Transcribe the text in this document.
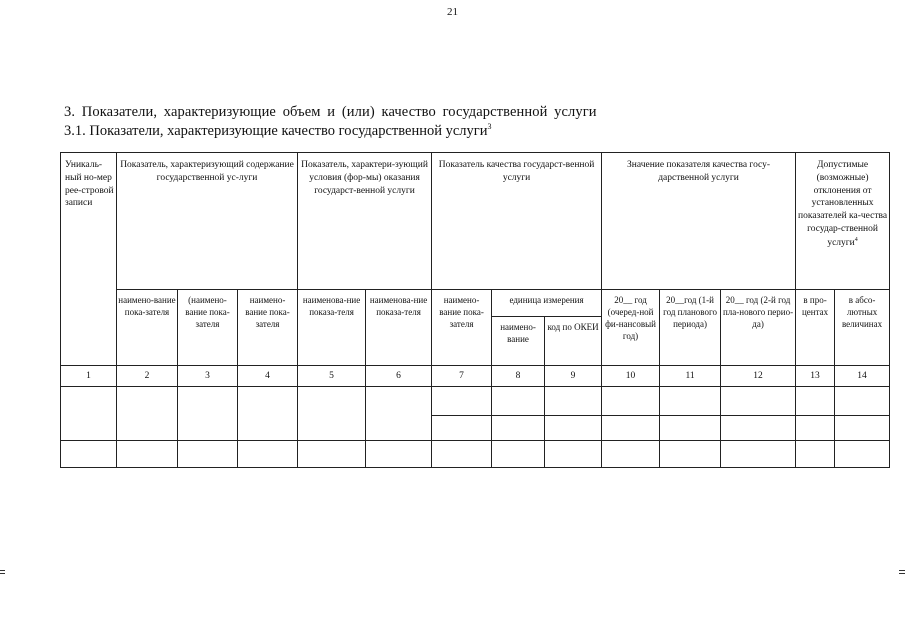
21
3. Показатели, характеризующие объем и (или) качество государственной услуги
3.1. Показатели, характеризующие качество государственной услуги$^3$
Уникаль-ный но-мер рее-стровой записи	Показатель, характеризующий содержание государственной ус-луги			Показатель, характери-зующий условия (фор-мы) оказания государст-венной услуги		Показатель качества государст-венной услуги			Значение показателя качества госу-дарственной услуги			Допустимые (возможные) отклонения от установленных показателей ка-чества государ-ственной услуги$^4$
	наимено-вание пока-зателя	(наимено-вание пока-зателя	наимено-вание пока-зателя	наименова-ние показа-теля	наименова-ние показа-теля	наимено-вание пока-зателя	единица измерения		20__ год (очеред-ной фи-нансовый год)	20__год (1-й год планового периода)	20__ год (2-й год пла-нового перио-да)	в про-центах	в абсо-лютных величинах
							наимено-вание	код по ОКЕИ					
1	2	3	4	5	6	7	8	9	10	11	12	13	14
